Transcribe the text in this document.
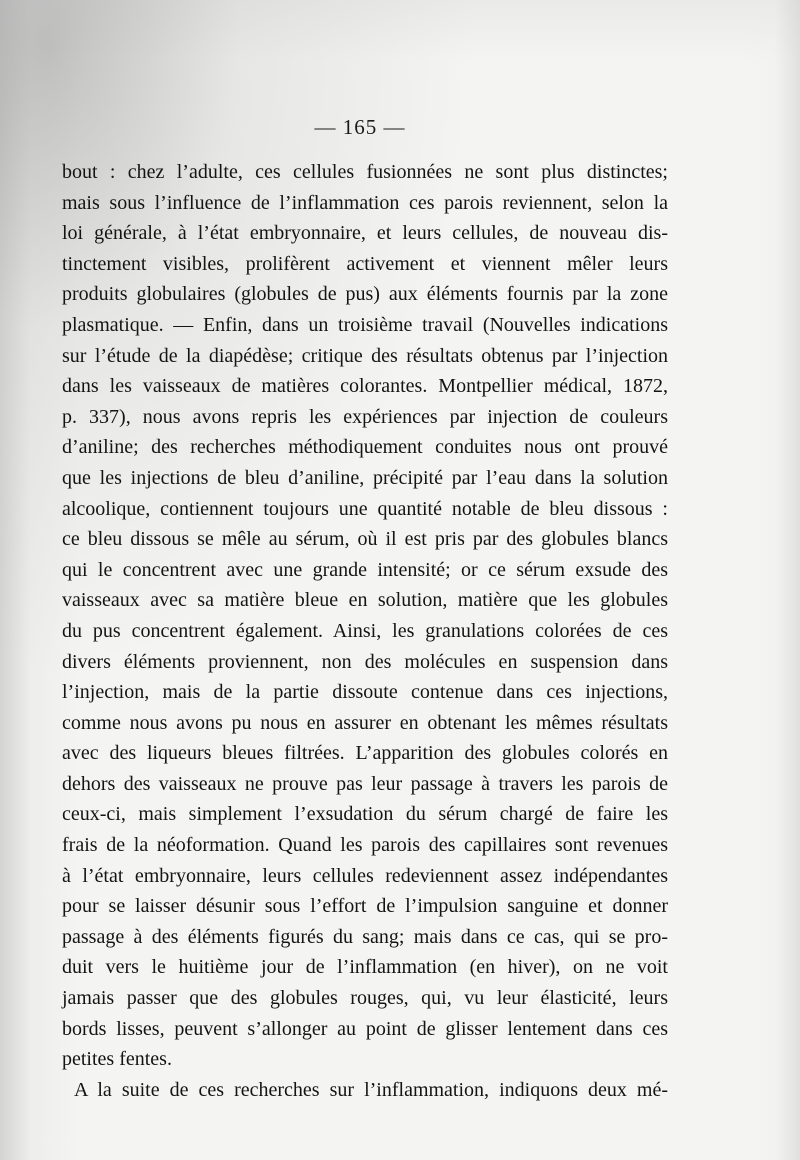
— 165 —
bout : chez l’adulte, ces cellules fusionnées ne sont plus distinctes;
mais sous l’influence de l’inflammation ces parois reviennent, selon la
loi générale, à l’état embryonnaire, et leurs cellules, de nouveau dis-
tinctement visibles, prolifèrent activement et viennent mêler leurs
produits globulaires (globules de pus) aux éléments fournis par la zone
plasmatique. — Enfin, dans un troisième travail (Nouvelles indications
sur l’étude de la diapédèse; critique des résultats obtenus par l’injection
dans les vaisseaux de matières colorantes. Montpellier médical, 1872,
p. 337), nous avons repris les expériences par injection de couleurs
d’aniline; des recherches méthodiquement conduites nous ont prouvé
que les injections de bleu d’aniline, précipité par l’eau dans la solution
alcoolique, contiennent toujours une quantité notable de bleu dissous :
ce bleu dissous se mêle au sérum, où il est pris par des globules blancs
qui le concentrent avec une grande intensité; or ce sérum exsude des
vaisseaux avec sa matière bleue en solution, matière que les globules
du pus concentrent également. Ainsi, les granulations colorées de ces
divers éléments proviennent, non des molécules en suspension dans
l’injection, mais de la partie dissoute contenue dans ces injections,
comme nous avons pu nous en assurer en obtenant les mêmes résultats
avec des liqueurs bleues filtrées. L’apparition des globules colorés en
dehors des vaisseaux ne prouve pas leur passage à travers les parois de
ceux-ci, mais simplement l’exsudation du sérum chargé de faire les
frais de la néoformation. Quand les parois des capillaires sont revenues
à l’état embryonnaire, leurs cellules redeviennent assez indépendantes
pour se laisser désunir sous l’effort de l’impulsion sanguine et donner
passage à des éléments figurés du sang; mais dans ce cas, qui se pro-
duit vers le huitième jour de l’inflammation (en hiver), on ne voit
jamais passer que des globules rouges, qui, vu leur élasticité, leurs
bords lisses, peuvent s’allonger au point de glisser lentement dans ces
petites fentes.
A la suite de ces recherches sur l’inflammation, indiquons deux mé-
